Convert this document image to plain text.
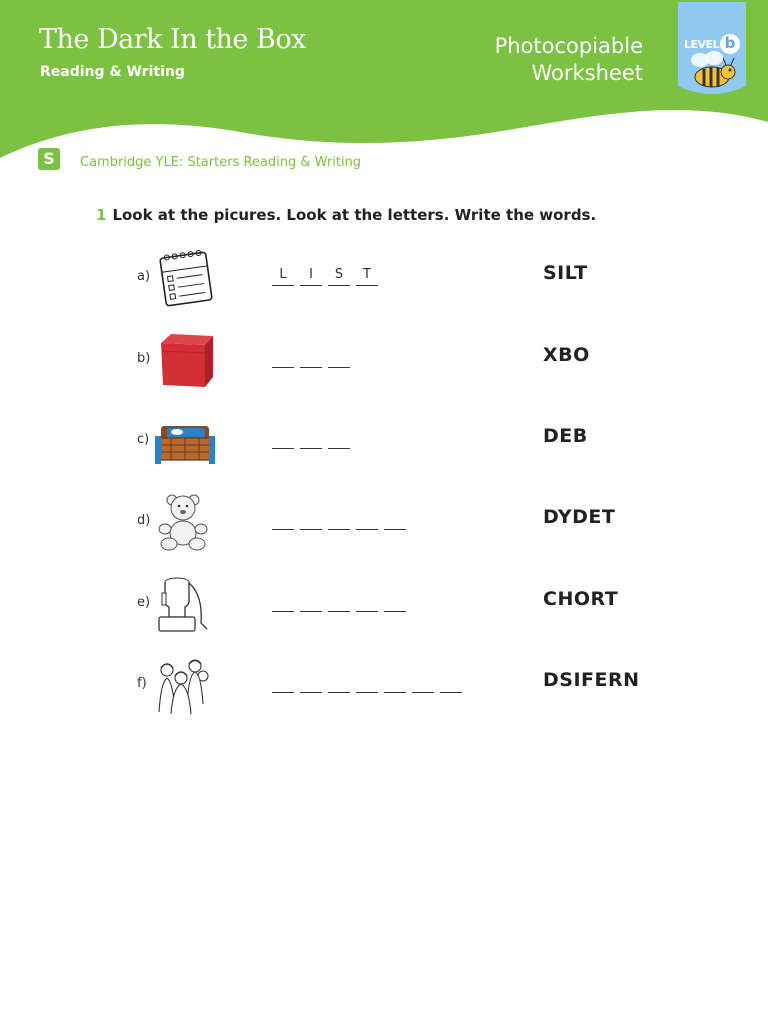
The Dark In the Box
Reading & Writing
Photocopiable
Worksheet
LEVEL b
S	Cambridge YLE: Starters Reading & Writing
1 Look at the picures. Look at the letters. Write the words.
a)	L I S T	SILT
b)	XBO
c)	DEB
d)	DYDET
e)	CHORT
f)	DSIFERN
